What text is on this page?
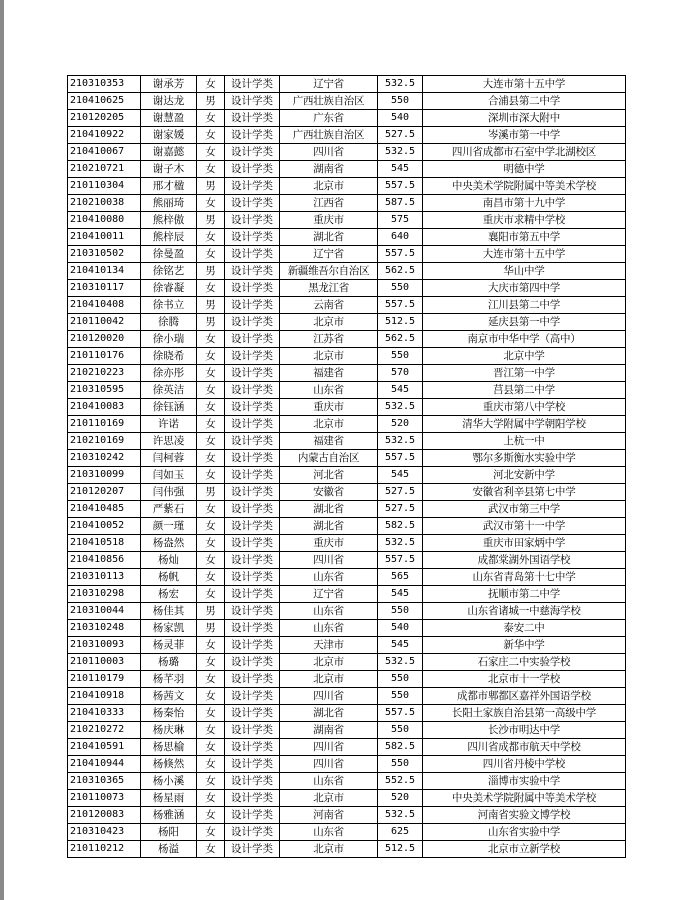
210310353	谢承芳	女	设计学类	辽宁省	532.5	大连市第十五中学
210410625	谢达龙	男	设计学类	广西壮族自治区	550	合浦县第二中学
210120205	谢慧盈	女	设计学类	广东省	540	深圳市深大附中
210410922	谢家媛	女	设计学类	广西壮族自治区	527.5	岑溪市第一中学
210410067	谢嘉懿	女	设计学类	四川省	532.5	四川省成都市石室中学北湖校区
210210721	谢子木	女	设计学类	湖南省	545	明德中学
210110304	邢才楹	男	设计学类	北京市	557.5	中央美术学院附属中等美术学校
210210038	熊丽琦	女	设计学类	江西省	587.5	南昌市第十九中学
210410080	熊梓傲	男	设计学类	重庆市	575	重庆市求精中学校
210410011	熊梓辰	女	设计学类	湖北省	640	襄阳市第五中学
210310502	徐曼盈	女	设计学类	辽宁省	557.5	大连市第十五中学
210410134	徐铭艺	男	设计学类	新疆维吾尔自治区	562.5	华山中学
210310117	徐睿凝	女	设计学类	黑龙江省	550	大庆市第四中学
210410408	徐书立	男	设计学类	云南省	557.5	江川县第二中学
210110042	徐腾	男	设计学类	北京市	512.5	延庆县第一中学
210120020	徐小瑞	女	设计学类	江苏省	562.5	南京市中华中学（高中）
210110176	徐晓希	女	设计学类	北京市	550	北京中学
210210223	徐亦彤	女	设计学类	福建省	570	晋江第一中学
210310595	徐英洁	女	设计学类	山东省	545	莒县第二中学
210410083	徐钰涵	女	设计学类	重庆市	532.5	重庆市第八中学校
210110169	许诺	女	设计学类	北京市	520	清华大学附属中学朝阳学校
210210169	许思凌	女	设计学类	福建省	532.5	上杭一中
210310242	闫柯蓉	女	设计学类	内蒙古自治区	557.5	鄂尔多斯衡水实验中学
210310099	闫如玉	女	设计学类	河北省	545	河北安新中学
210120207	闫伟强	男	设计学类	安徽省	527.5	安徽省利辛县第七中学
210410485	严紫石	女	设计学类	湖北省	527.5	武汉市第三中学
210410052	颜一瑾	女	设计学类	湖北省	582.5	武汉市第十一中学
210410518	杨盎然	女	设计学类	重庆市	532.5	重庆市田家炳中学
210410856	杨灿	女	设计学类	四川省	557.5	成都棠湖外国语学校
210310113	杨帆	女	设计学类	山东省	565	山东省青岛第十七中学
210310298	杨宏	女	设计学类	辽宁省	545	抚顺市第二中学
210310044	杨佳其	男	设计学类	山东省	550	山东省诸城一中慈海学校
210310248	杨家凯	男	设计学类	山东省	540	泰安二中
210310093	杨灵菲	女	设计学类	天津市	545	新华中学
210110003	杨璐	女	设计学类	北京市	532.5	石家庄二中实验学校
210110179	杨芊羽	女	设计学类	北京市	550	北京市十一学校
210410918	杨茜文	女	设计学类	四川省	550	成都市郫都区嘉祥外国语学校
210410333	杨秦怡	女	设计学类	湖北省	557.5	长阳土家族自治县第一高级中学
210210272	杨庆琳	女	设计学类	湖南省	550	长沙市明达中学
210410591	杨思榆	女	设计学类	四川省	582.5	四川省成都市航天中学校
210410944	杨倏然	女	设计学类	四川省	550	四川省丹棱中学校
210310365	杨小溪	女	设计学类	山东省	552.5	淄博市实验中学
210110073	杨星雨	女	设计学类	北京市	520	中央美术学院附属中等美术学校
210120083	杨雅涵	女	设计学类	河南省	532.5	河南省实验文博学校
210310423	杨阳	女	设计学类	山东省	625	山东省实验中学
210110212	杨溢	女	设计学类	北京市	512.5	北京市立新学校
